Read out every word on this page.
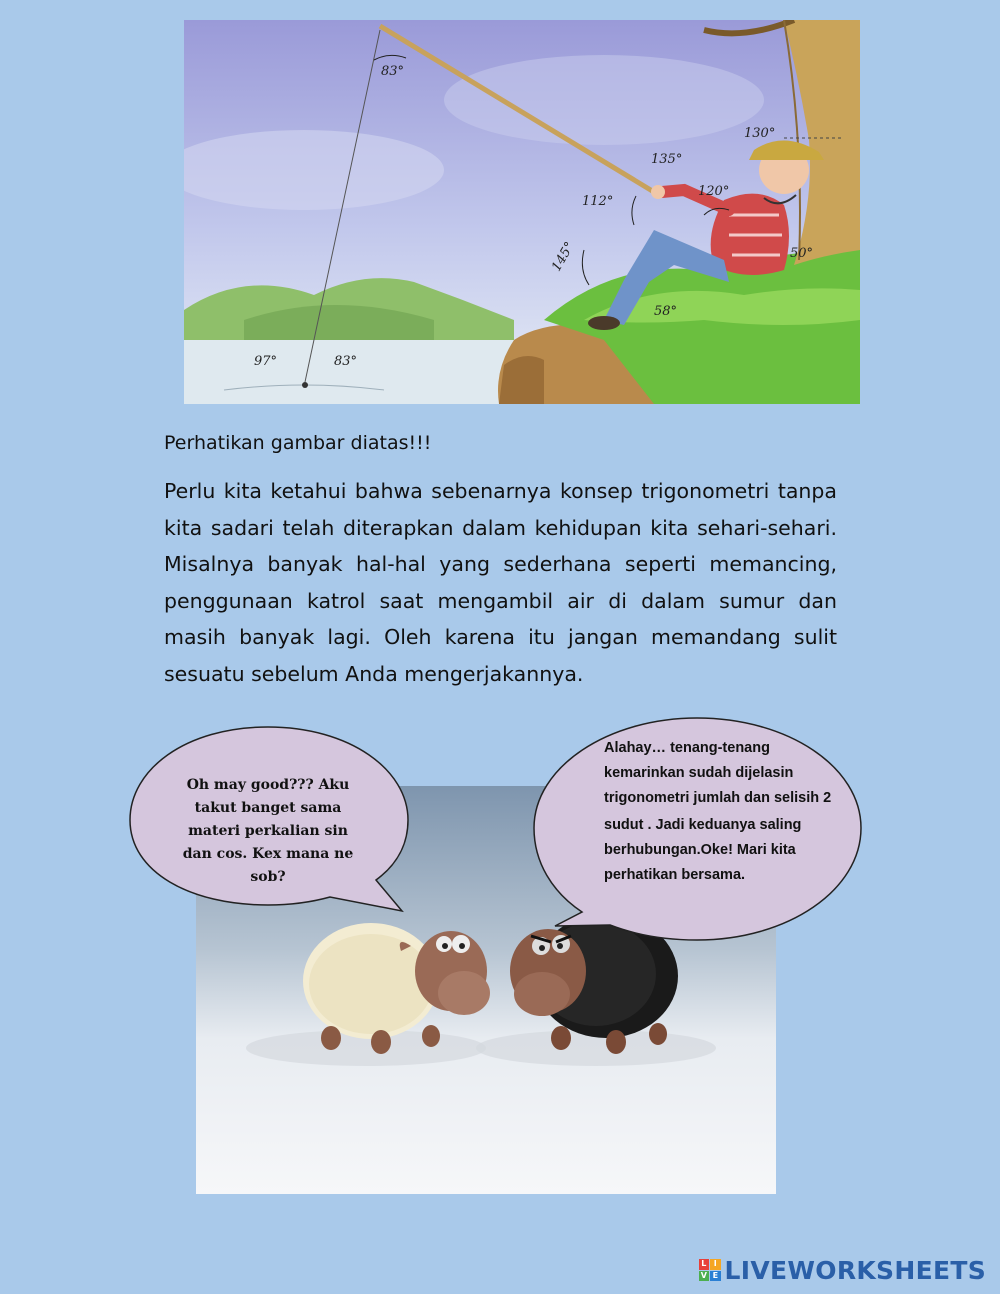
83°
130°
135°
112°
120°
145°	50°
58°
97°	83°
Perhatikan gambar diatas!!!
Perlu kita ketahui bahwa sebenarnya konsep trigonometri tanpa kita sadari telah diterapkan dalam kehidupan kita sehari-sehari. Misalnya banyak hal-hal yang sederhana seperti memancing, penggunaan katrol saat mengambil air di dalam sumur dan masih banyak lagi. Oleh karena itu jangan memandang sulit sesuatu sebelum Anda mengerjakannya.
Oh may good??? Aku takut banget sama materi perkalian sin dan cos. Kex mana ne sob?
Alahay… tenang-tenang kemarinkan sudah dijelasin trigonometri jumlah dan selisih 2
sudut . Jadi keduanya saling berhubungan.Oke! Mari kita perhatikan bersama.
L I
V E LIVEWORKSHEETS
